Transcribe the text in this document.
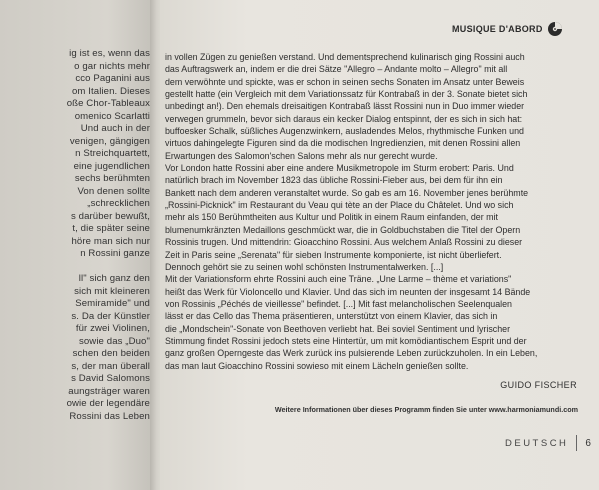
ig ist es, wenn das
o gar nichts mehr
cco Paganini aus
om Italien. Dieses
oße Chor-Tableaux
omenico Scarlatti
Und auch in der
venigen, gängigen
n Streichquartett,
eine jugendlichen
sechs berühmten
Von denen sollte
„schrecklichen
s darüber bewußt,
t, die später seine
höre man sich nur
n Rossini ganze
ll" sich ganz den
sich mit kleineren
Semiramide" und
s. Da der Künstler
für zwei Violinen,
sowie das „Duo"
schen den beiden
s, der man überall
s David Salomons
aungsträger waren
owie der legendäre
Rossini das Leben
MUSIQUE D'ABORD
in vollen Zügen zu genießen verstand. Und dementsprechend kulinarisch ging Rossini auch
das Auftragswerk an, indem er die drei Sätze "Allegro – Andante molto – Allegro" mit all
dem verwöhnte und spickte, was er schon in seinen sechs Sonaten im Ansatz unter Beweis
gestellt hatte (ein Vergleich mit dem Variationssatz für Kontrabaß in der 3. Sonate bietet sich
unbedingt an!). Den ehemals dreisaitigen Kontrabaß lässt Rossini nun in Duo immer wieder
verwegen grummeln, bevor sich daraus ein kecker Dialog entspinnt, der es sich in sich hat:
buffoesker Schalk, süßliches Augenzwinkern, ausladendes Melos, rhythmische Funken und
virtuos dahingelegte Figuren sind da die modischen Ingredienzien, mit denen Rossini allen
Erwartungen des Salomon'schen Salons mehr als nur gerecht wurde.
Vor London hatte Rossini aber eine andere Musikmetropole im Sturm erobert: Paris. Und
natürlich brach im November 1823 das übliche Rossini-Fieber aus, bei dem für ihn ein
Bankett nach dem anderen veranstaltet wurde. So gab es am 16. November jenes berühmte
„Rossini-Picknick" im Restaurant du Veau qui tète an der Place du Châtelet. Und wo sich
mehr als 150 Berühmtheiten aus Kultur und Politik in einem Raum einfanden, der mit
blumenumkränzten Medaillons geschmückt war, die in Goldbuchstaben die Titel der Opern
Rossinis trugen. Und mittendrin: Gioacchino Rossini. Aus welchem Anlaß Rossini zu dieser
Zeit in Paris seine „Serenata" für sieben Instrumente komponierte, ist nicht überliefert.
Dennoch gehört sie zu seinen wohl schönsten Instrumentalwerken. [...]
Mit der Variationsform ehrte Rossini auch eine Träne. „Une Larme – thème et variations"
heißt das Werk für Violoncello und Klavier. Und das sich im neunten der insgesamt 14 Bände
von Rossinis „Péchés de vieillesse" befindet. [...] Mit fast melancholischen Seelenqualen
lässt er das Cello das Thema präsentieren, unterstützt von einem Klavier, das sich in
die „Mondschein"-Sonate von Beethoven verliebt hat. Bei soviel Sentiment und lyrischer
Stimmung findet Rossini jedoch stets eine Hintertür, um mit komödiantischem Esprit und der
ganz großen Operngeste das Werk zurück ins pulsierende Leben zurückzuholen. In ein Leben,
das man laut Gioacchino Rossini sowieso mit einem Lächeln genießen sollte.
GUIDO FISCHER
Weitere Informationen über dieses Programm finden Sie unter www.harmoniamundi.com
DEUTSCH 6
